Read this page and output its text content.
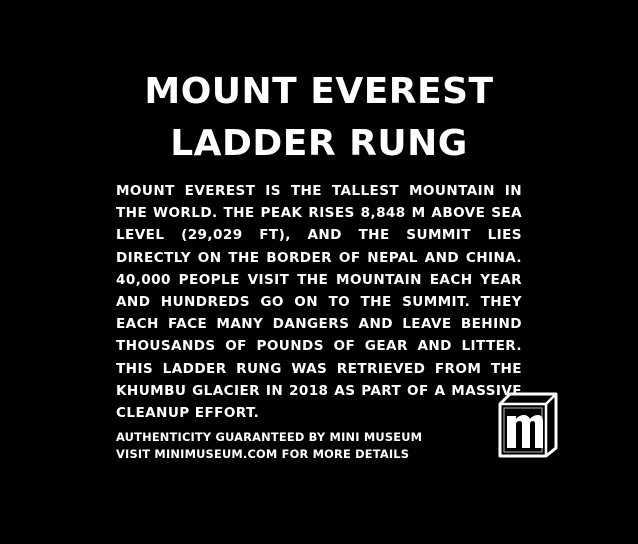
MOUNT EVEREST
LADDER RUNG

MOUNT EVEREST IS THE TALLEST MOUNTAIN IN THE WORLD. THE PEAK RISES 8,848 M ABOVE SEA LEVEL (29,029 FT), AND THE SUMMIT LIES DIRECTLY ON THE BORDER OF NEPAL AND CHINA. 40,000 PEOPLE VISIT THE MOUNTAIN EACH YEAR AND HUNDREDS GO ON TO THE SUMMIT. THEY EACH FACE MANY DANGERS AND LEAVE BEHIND THOUSANDS OF POUNDS OF GEAR AND LITTER. THIS LADDER RUNG WAS RETRIEVED FROM THE KHUMBU GLACIER IN 2018 AS PART OF A MASSIVE CLEANUP EFFORT.

AUTHENTICITY GUARANTEED BY MINI MUSEUM
VISIT MINIMUSEUM.COM FOR MORE DETAILS
